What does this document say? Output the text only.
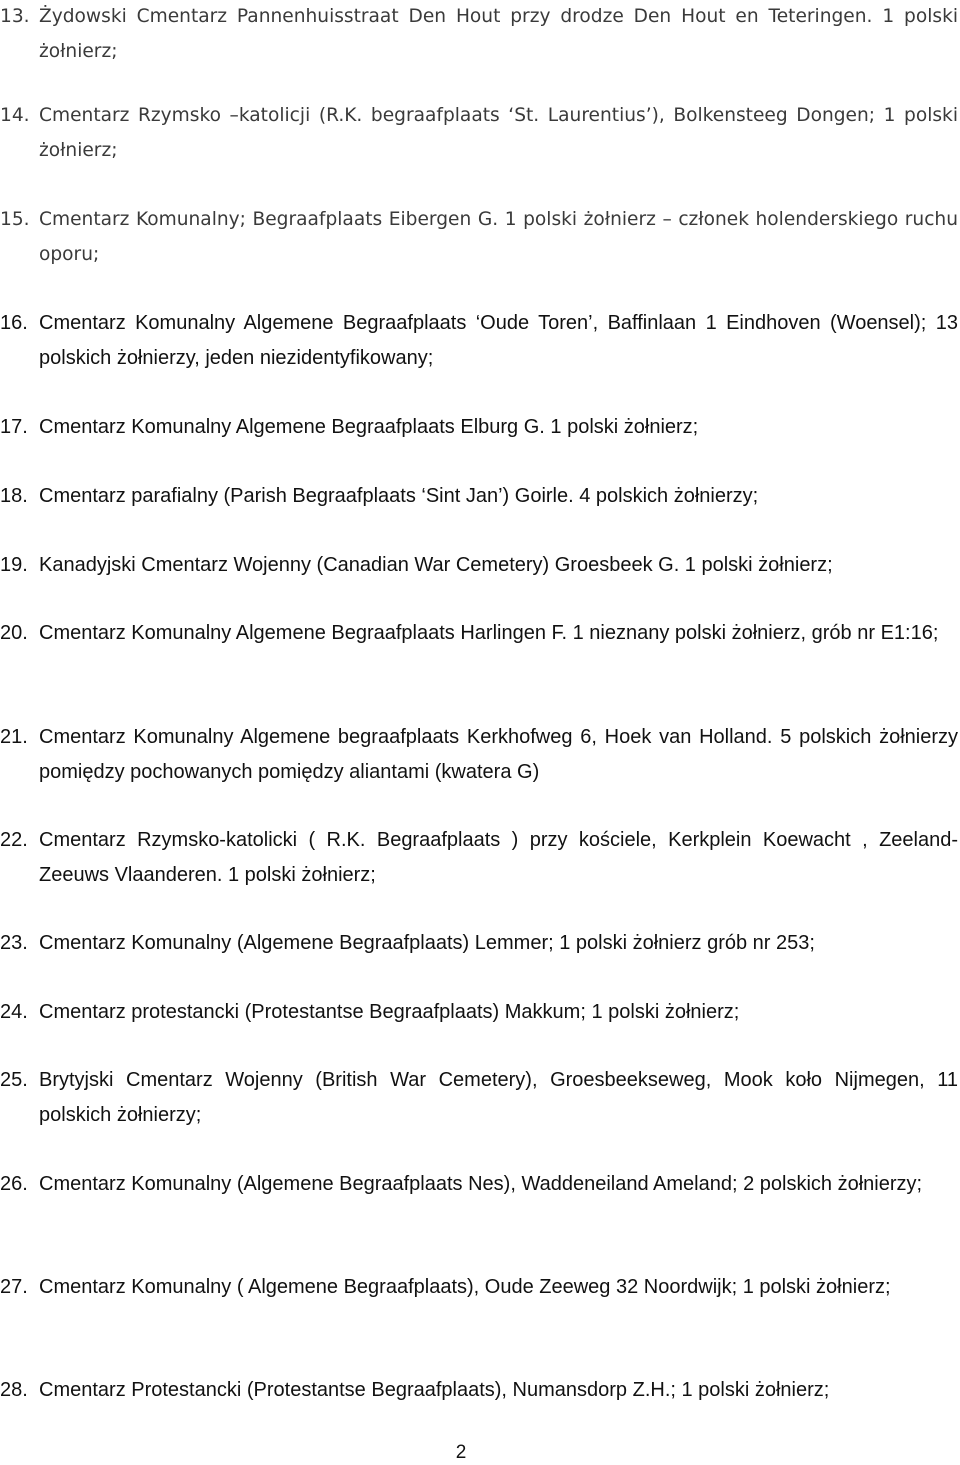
13. Żydowski Cmentarz Pannenhuisstraat Den Hout przy drodze Den Hout en Teteringen. 1 polski żołnierz;
14. Cmentarz Rzymsko –katolicji (R.K. begraafplaats ‘St. Laurentius’), Bolkensteeg Dongen; 1 polski żołnierz;
15. Cmentarz Komunalny; Begraafplaats Eibergen G. 1 polski żołnierz – członek holenderskiego ruchu oporu;
16. Cmentarz Komunalny Algemene Begraafplaats ‘Oude Toren’, Baffinlaan 1 Eindhoven (Woensel); 13 polskich żołnierzy, jeden niezidentyfikowany;
17. Cmentarz Komunalny Algemene Begraafplaats Elburg G. 1 polski żołnierz;
18. Cmentarz parafialny (Parish Begraafplaats ‘Sint Jan’) Goirle. 4 polskich żołnierzy;
19. Kanadyjski Cmentarz Wojenny (Canadian War Cemetery) Groesbeek G. 1 polski żołnierz;
20. Cmentarz Komunalny Algemene Begraafplaats Harlingen F. 1 nieznany polski żołnierz, grób nr E1:16;
21. Cmentarz Komunalny Algemene begraafplaats Kerkhofweg 6, Hoek van Holland. 5 polskich żołnierzy pomiędzy pochowanych pomiędzy aliantami (kwatera G)
22. Cmentarz Rzymsko-katolicki ( R.K. Begraafplaats ) przy kościele, Kerkplein Koewacht , Zeeland-Zeeuws Vlaanderen. 1 polski żołnierz;
23. Cmentarz Komunalny (Algemene Begraafplaats) Lemmer; 1 polski żołnierz grób nr 253;
24. Cmentarz protestancki (Protestantse Begraafplaats) Makkum; 1 polski żołnierz;
25. Brytyjski Cmentarz Wojenny (British War Cemetery), Groesbeekseweg, Mook koło Nijmegen, 11 polskich żołnierzy;
26. Cmentarz Komunalny (Algemene Begraafplaats Nes), Waddeneiland Ameland; 2 polskich żołnierzy;
27. Cmentarz Komunalny ( Algemene Begraafplaats), Oude Zeeweg 32 Noordwijk; 1 polski żołnierz;
28. Cmentarz Protestancki (Protestantse Begraafplaats), Numansdorp Z.H.; 1 polski żołnierz;
2
